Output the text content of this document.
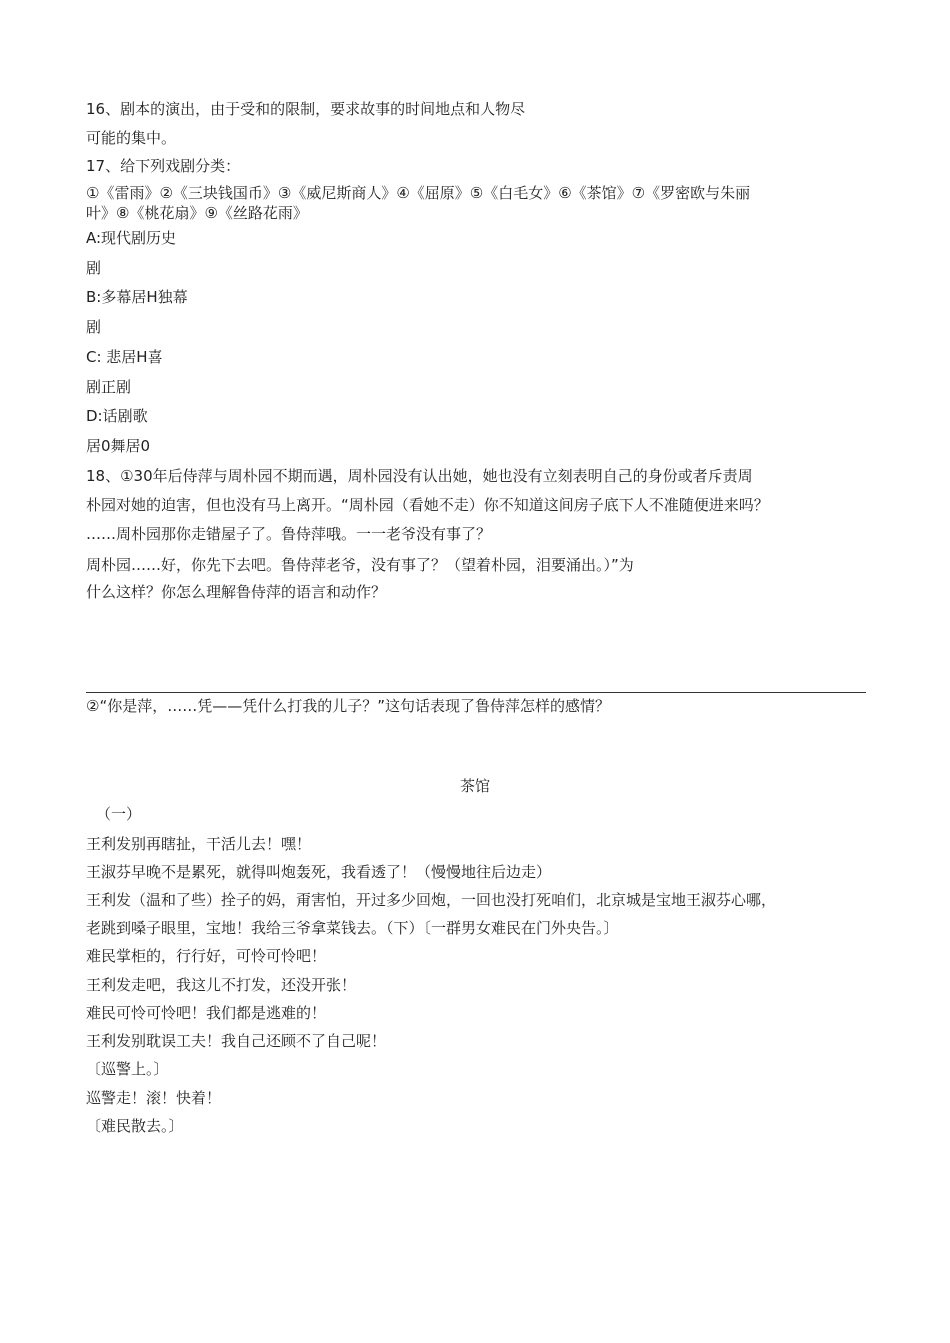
16、剧本的演出，由于受和的限制，要求故事的时间地点和人物尽
可能的集中。
17、给下列戏剧分类：
①《雷雨》②《三块钱国币》③《威尼斯商人》④《屈原》⑤《白毛女》⑥《茶馆》⑦《罗密欧与朱丽
叶》⑧《桃花扇》⑨《丝路花雨》
A:现代剧历史
剧
B:多幕居H独幕
剧
C: 悲居H喜
剧正剧
D:话剧歌
居0舞居0
18、①30年后侍萍与周朴园不期而遇，周朴园没有认出她，她也没有立刻表明自己的身份或者斥责周
朴园对她的迫害，但也没有马上离开。“周朴园（看她不走）你不知道这间房子底下人不准随便进来吗？
……周朴园那你走错屋子了。鲁侍萍哦。一一老爷没有事了？
周朴园……好，你先下去吧。鲁侍萍老爷，没有事了？（望着朴园，泪要涌出。）”为
什么这样？你怎么理解鲁侍萍的语言和动作？
②“你是萍，……凭——凭什么打我的儿子？”这句话表现了鲁侍萍怎样的感情？
茶馆
（一）
王利发别再瞎扯，干活儿去！嘿！
王淑芬早晚不是累死，就得叫炮轰死，我看透了！（慢慢地往后边走）
王利发（温和了些）拴子的妈，甭害怕，开过多少回炮，一回也没打死咱们，北京城是宝地王淑芬心哪，
老跳到嗓子眼里，宝地！我给三爷拿菜钱去。（下）〔一群男女难民在门外央告。〕
难民掌柜的，行行好，可怜可怜吧！
王利发走吧，我这儿不打发，还没开张！
难民可怜可怜吧！我们都是逃难的！
王利发别耽误工夫！我自己还顾不了自己呢！
〔巡警上。〕
巡警走！滚！快着！
〔难民散去。〕
